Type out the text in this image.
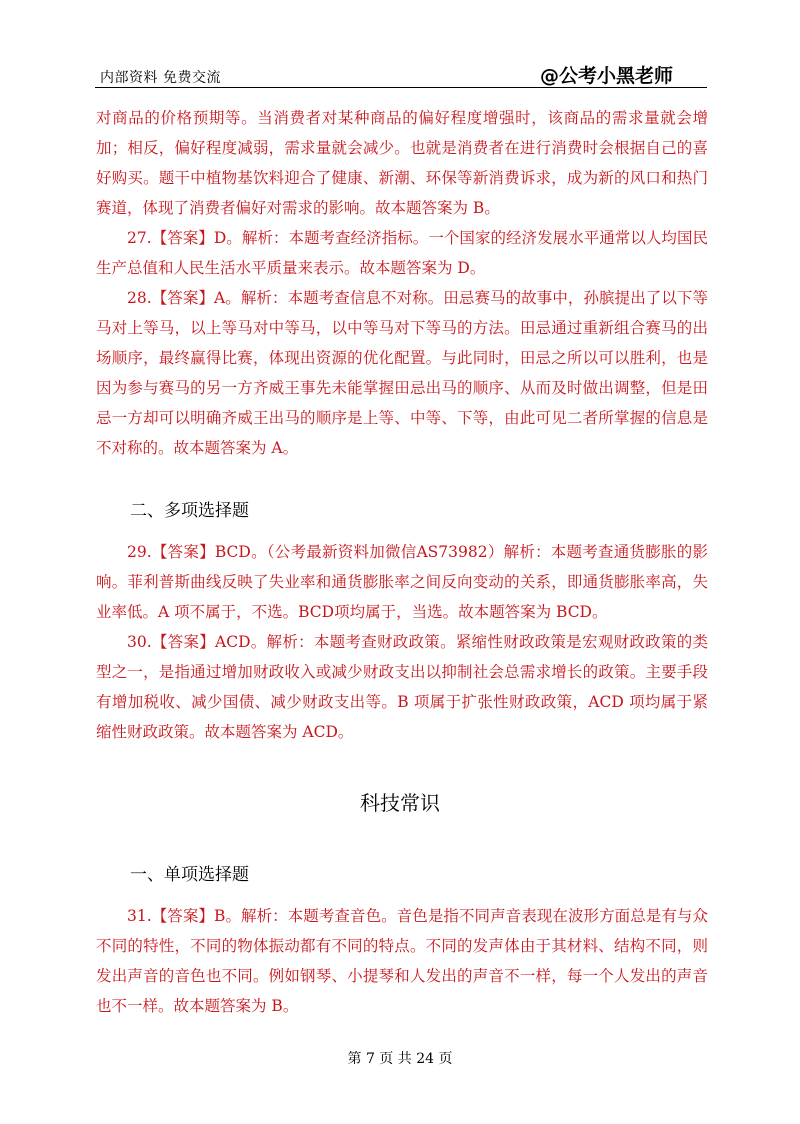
内部资料 免费交流	@公考小黑老师

对商品的价格预期等。当消费者对某种商品的偏好程度增强时，该商品的需求量就会增加；相反，偏好程度减弱，需求量就会减少。也就是消费者在进行消费时会根据自己的喜好购买。题干中植物基饮料迎合了健康、新潮、环保等新消费诉求，成为新的风口和热门赛道，体现了消费者偏好对需求的影响。故本题答案为 B。

27.【答案】D。解析：本题考查经济指标。一个国家的经济发展水平通常以人均国民生产总值和人民生活水平质量来表示。故本题答案为 D。

28.【答案】A。解析：本题考查信息不对称。田忌赛马的故事中，孙膑提出了以下等马对上等马，以上等马对中等马，以中等马对下等马的方法。田忌通过重新组合赛马的出场顺序，最终赢得比赛，体现出资源的优化配置。与此同时，田忌之所以可以胜利，也是因为参与赛马的另一方齐威王事先未能掌握田忌出马的顺序、从而及时做出调整，但是田忌一方却可以明确齐威王出马的顺序是上等、中等、下等，由此可见二者所掌握的信息是不对称的。故本题答案为 A。

二、多项选择题

29.【答案】BCD。（公考最新资料加微信AS73982）解析：本题考查通货膨胀的影响。菲利普斯曲线反映了失业率和通货膨胀率之间反向变动的关系，即通货膨胀率高，失业率低。A 项不属于，不选。BCD项均属于，当选。故本题答案为 BCD。

30.【答案】ACD。解析：本题考查财政政策。紧缩性财政政策是宏观财政政策的类型之一，是指通过增加财政收入或减少财政支出以抑制社会总需求增长的政策。主要手段有增加税收、减少国债、减少财政支出等。B 项属于扩张性财政政策，ACD 项均属于紧缩性财政政策。故本题答案为 ACD。

科技常识
一、单项选择题

31.【答案】B。解析：本题考查音色。音色是指不同声音表现在波形方面总是有与众不同的特性，不同的物体振动都有不同的特点。不同的发声体由于其材料、结构不同，则发出声音的音色也不同。例如钢琴、小提琴和人发出的声音不一样，每一个人发出的声音也不一样。故本题答案为 B。

第 7 页 共 24 页
